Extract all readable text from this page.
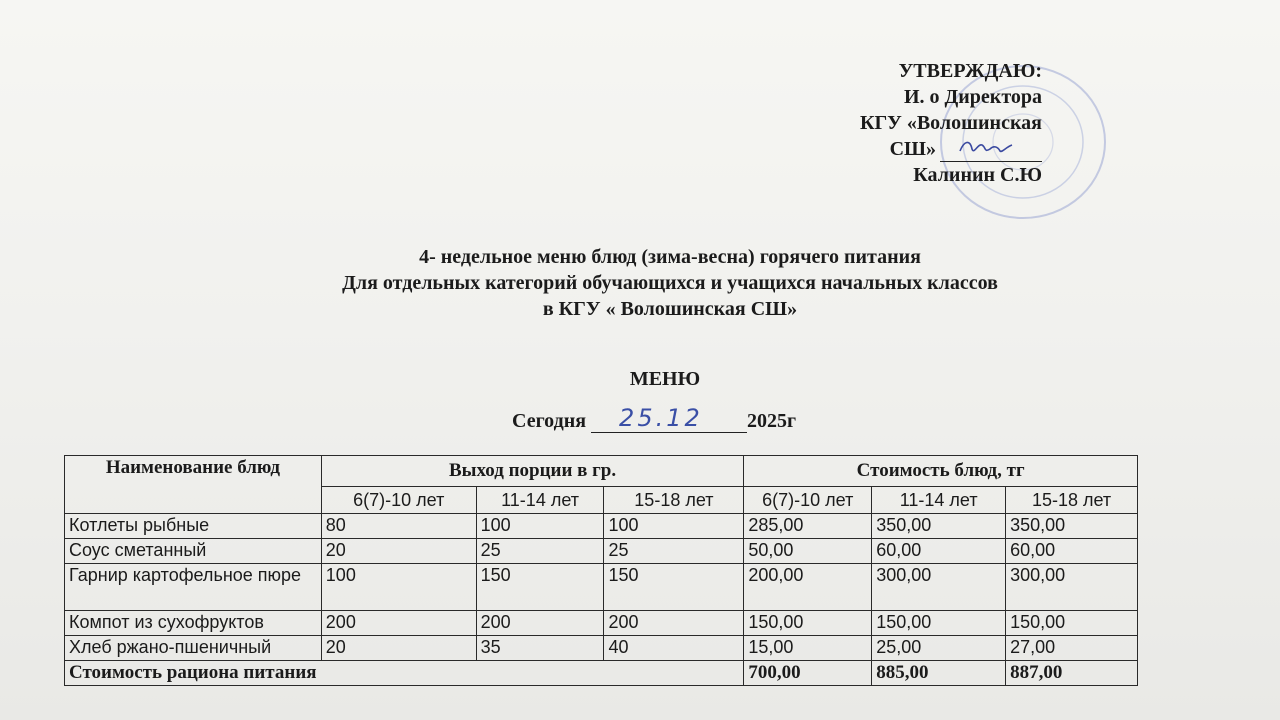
УТВЕРЖДАЮ:
И. о Директора
КГУ «Волошинская
СШ»
Калинин С.Ю
4- недельное меню блюд (зима-весна) горячего питания
Для отдельных категорий обучающихся и учащихся начальных классов
в КГУ « Волошинская СШ»
МЕНЮ
Сегодня 25.12 2025г
Наименование блюд	Выход порции в гр.			Стоимость блюд, тг		
	6(7)-10 лет	11-14 лет	15-18 лет	6(7)-10 лет	11-14 лет	15-18 лет
Котлеты рыбные	80	100	100	285,00	350,00	350,00
Соус сметанный	20	25	25	50,00	60,00	60,00
Гарнир картофельное пюре	100	150	150	200,00	300,00	300,00
Компот из сухофруктов	200	200	200	150,00	150,00	150,00
Хлеб ржано-пшеничный	20	35	40	15,00	25,00	27,00
Стоимость рациона питания				700,00	885,00	887,00
